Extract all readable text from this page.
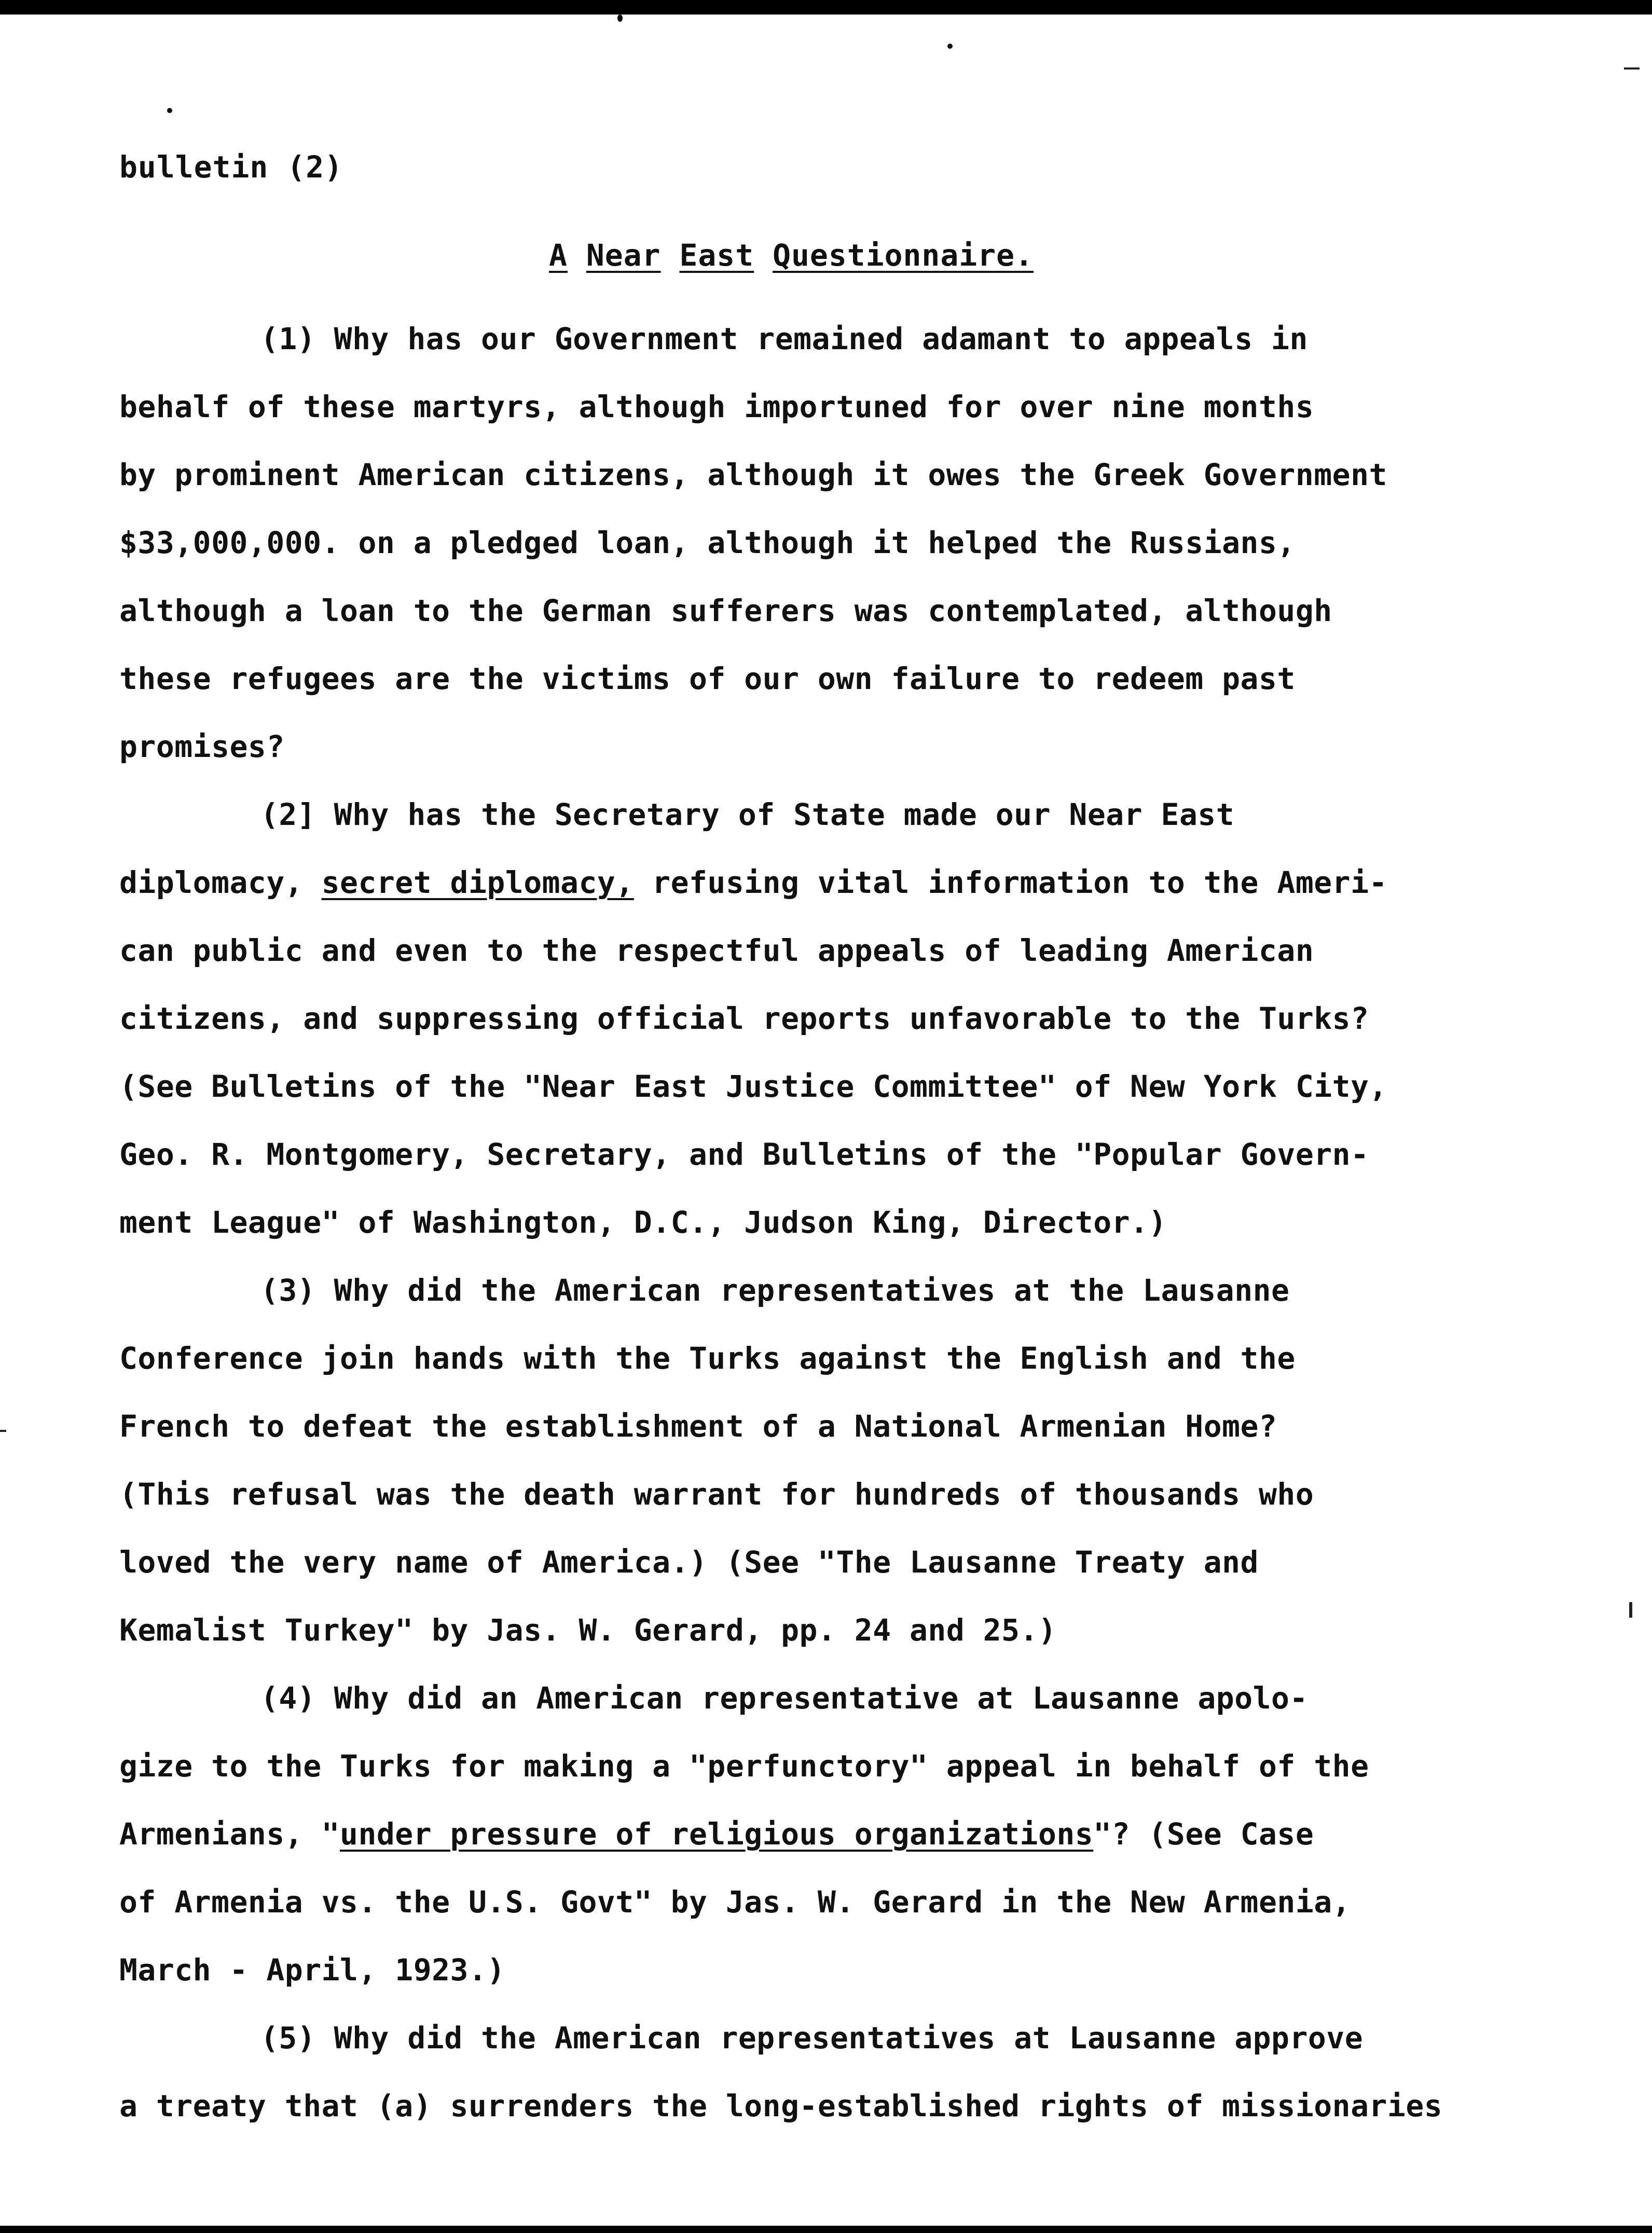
bulletin (2)
A Near East Questionnaire.
(1) Why has our Government remained adamant to appeals in
behalf of these martyrs, although importuned for over nine months
by prominent American citizens, although it owes the Greek Government
$33,000,000. on a pledged loan, although it helped the Russians,
although a loan to the German sufferers was contemplated, although
these refugees are the victims of our own failure to redeem past
promises?
(2] Why has the Secretary of State made our Near East
diplomacy, secret diplomacy, refusing vital information to the Ameri-
can public and even to the respectful appeals of leading American
citizens, and suppressing official reports unfavorable to the Turks?
(See Bulletins of the "Near East Justice Committee" of New York City,
Geo. R. Montgomery, Secretary, and Bulletins of the "Popular Govern-
ment League" of Washington, D.C., Judson King, Director.)
(3) Why did the American representatives at the Lausanne
Conference join hands with the Turks against the English and the
French to defeat the establishment of a National Armenian Home?
(This refusal was the death warrant for hundreds of thousands who
loved the very name of America.) (See "The Lausanne Treaty and
Kemalist Turkey" by Jas. W. Gerard, pp. 24 and 25.)
(4) Why did an American representative at Lausanne apolo-
gize to the Turks for making a "perfunctory" appeal in behalf of the
Armenians, "under pressure of religious organizations"? (See Case
of Armenia vs. the U.S. Govt" by Jas. W. Gerard in the New Armenia,
March - April, 1923.)
(5) Why did the American representatives at Lausanne approve
a treaty that (a) surrenders the long-established rights of missionaries
